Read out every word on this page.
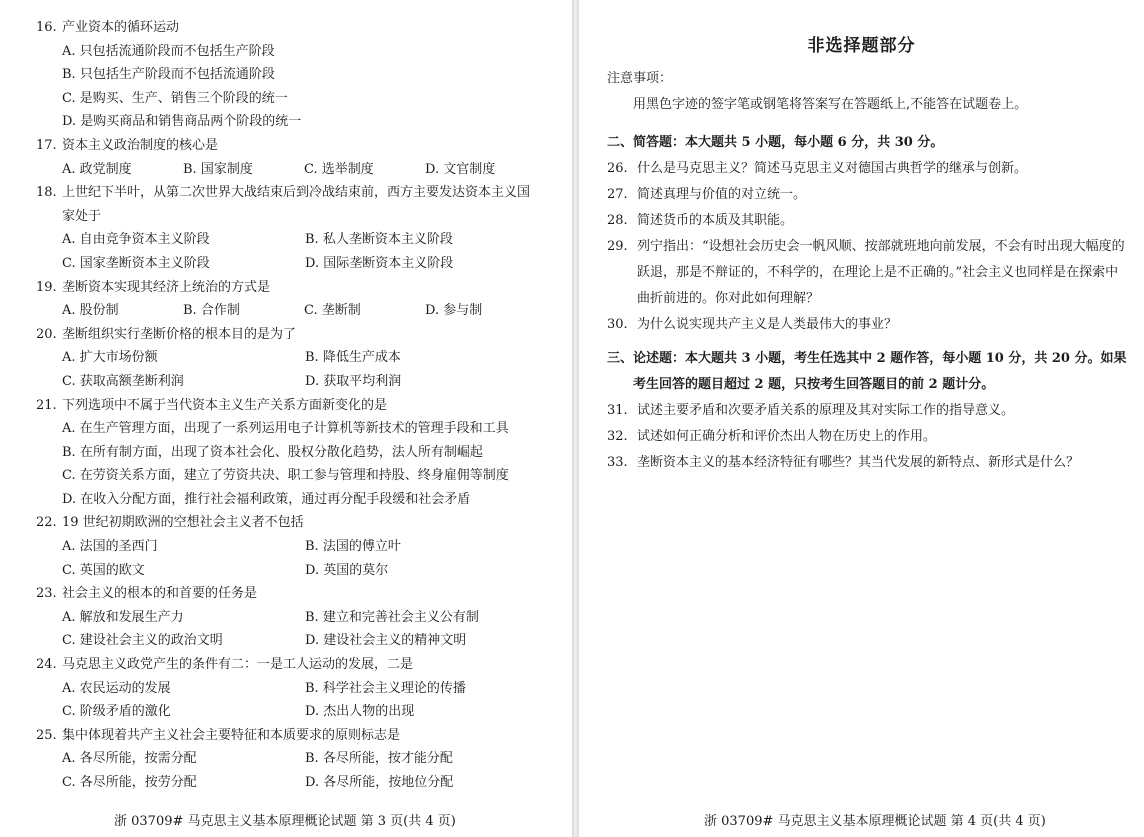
16. 产业资本的循环运动
A. 只包括流通阶段而不包括生产阶段
B. 只包括生产阶段而不包括流通阶段
C. 是购买、生产、销售三个阶段的统一
D. 是购买商品和销售商品两个阶段的统一
17. 资本主义政治制度的核心是
A. 政党制度	B. 国家制度	C. 选举制度	D. 文官制度
18. 上世纪下半叶，从第二次世界大战结束后到冷战结束前，西方主要发达资本主义国
家处于
A. 自由竞争资本主义阶段	B. 私人垄断资本主义阶段
C. 国家垄断资本主义阶段	D. 国际垄断资本主义阶段
19. 垄断资本实现其经济上统治的方式是
A. 股份制	B. 合作制	C. 垄断制	D. 参与制
20. 垄断组织实行垄断价格的根本目的是为了
A. 扩大市场份额	B. 降低生产成本
C. 获取高额垄断利润	D. 获取平均利润
21. 下列选项中不属于当代资本主义生产关系方面新变化的是
A. 在生产管理方面，出现了一系列运用电子计算机等新技术的管理手段和工具
B. 在所有制方面，出现了资本社会化、股权分散化趋势，法人所有制崛起
C. 在劳资关系方面，建立了劳资共决、职工参与管理和持股、终身雇佣等制度
D. 在收入分配方面，推行社会福利政策，通过再分配手段缓和社会矛盾
22. 19 世纪初期欧洲的空想社会主义者不包括
A. 法国的圣西门	B. 法国的傅立叶
C. 英国的欧文	D. 英国的莫尔
23. 社会主义的根本的和首要的任务是
A. 解放和发展生产力	B. 建立和完善社会主义公有制
C. 建设社会主义的政治文明	D. 建设社会主义的精神文明
24. 马克思主义政党产生的条件有二：一是工人运动的发展，二是
A. 农民运动的发展	B. 科学社会主义理论的传播
C. 阶级矛盾的激化	D. 杰出人物的出现
25. 集中体现着共产主义社会主要特征和本质要求的原则标志是
A. 各尽所能，按需分配	B. 各尽所能，按才能分配
C. 各尽所能，按劳分配	D. 各尽所能，按地位分配
浙 03709# 马克思主义基本原理概论试题 第 3 页(共 4 页)
非选择题部分
注意事项：
用黑色字迹的签字笔或钢笔将答案写在答题纸上,不能答在试题卷上。
二、简答题：本大题共 5 小题，每小题 6 分，共 30 分。
26. 什么是马克思主义？简述马克思主义对德国古典哲学的继承与创新。
27. 简述真理与价值的对立统一。
28. 简述货币的本质及其职能。
29. 列宁指出：“设想社会历史会一帆风顺、按部就班地向前发展，不会有时出现大幅度的跃退，那是不辩证的，不科学的，在理论上是不正确的。”社会主义也同样是在探索中曲折前进的。你对此如何理解？
30. 为什么说实现共产主义是人类最伟大的事业？
三、论述题：本大题共 3 小题，考生任选其中 2 题作答，每小题 10 分，共 20 分。如果
考生回答的题目超过 2 题，只按考生回答题目的前 2 题计分。
31. 试述主要矛盾和次要矛盾关系的原理及其对实际工作的指导意义。
32. 试述如何正确分析和评价杰出人物在历史上的作用。
33. 垄断资本主义的基本经济特征有哪些？其当代发展的新特点、新形式是什么？
浙 03709# 马克思主义基本原理概论试题 第 4 页(共 4 页)
